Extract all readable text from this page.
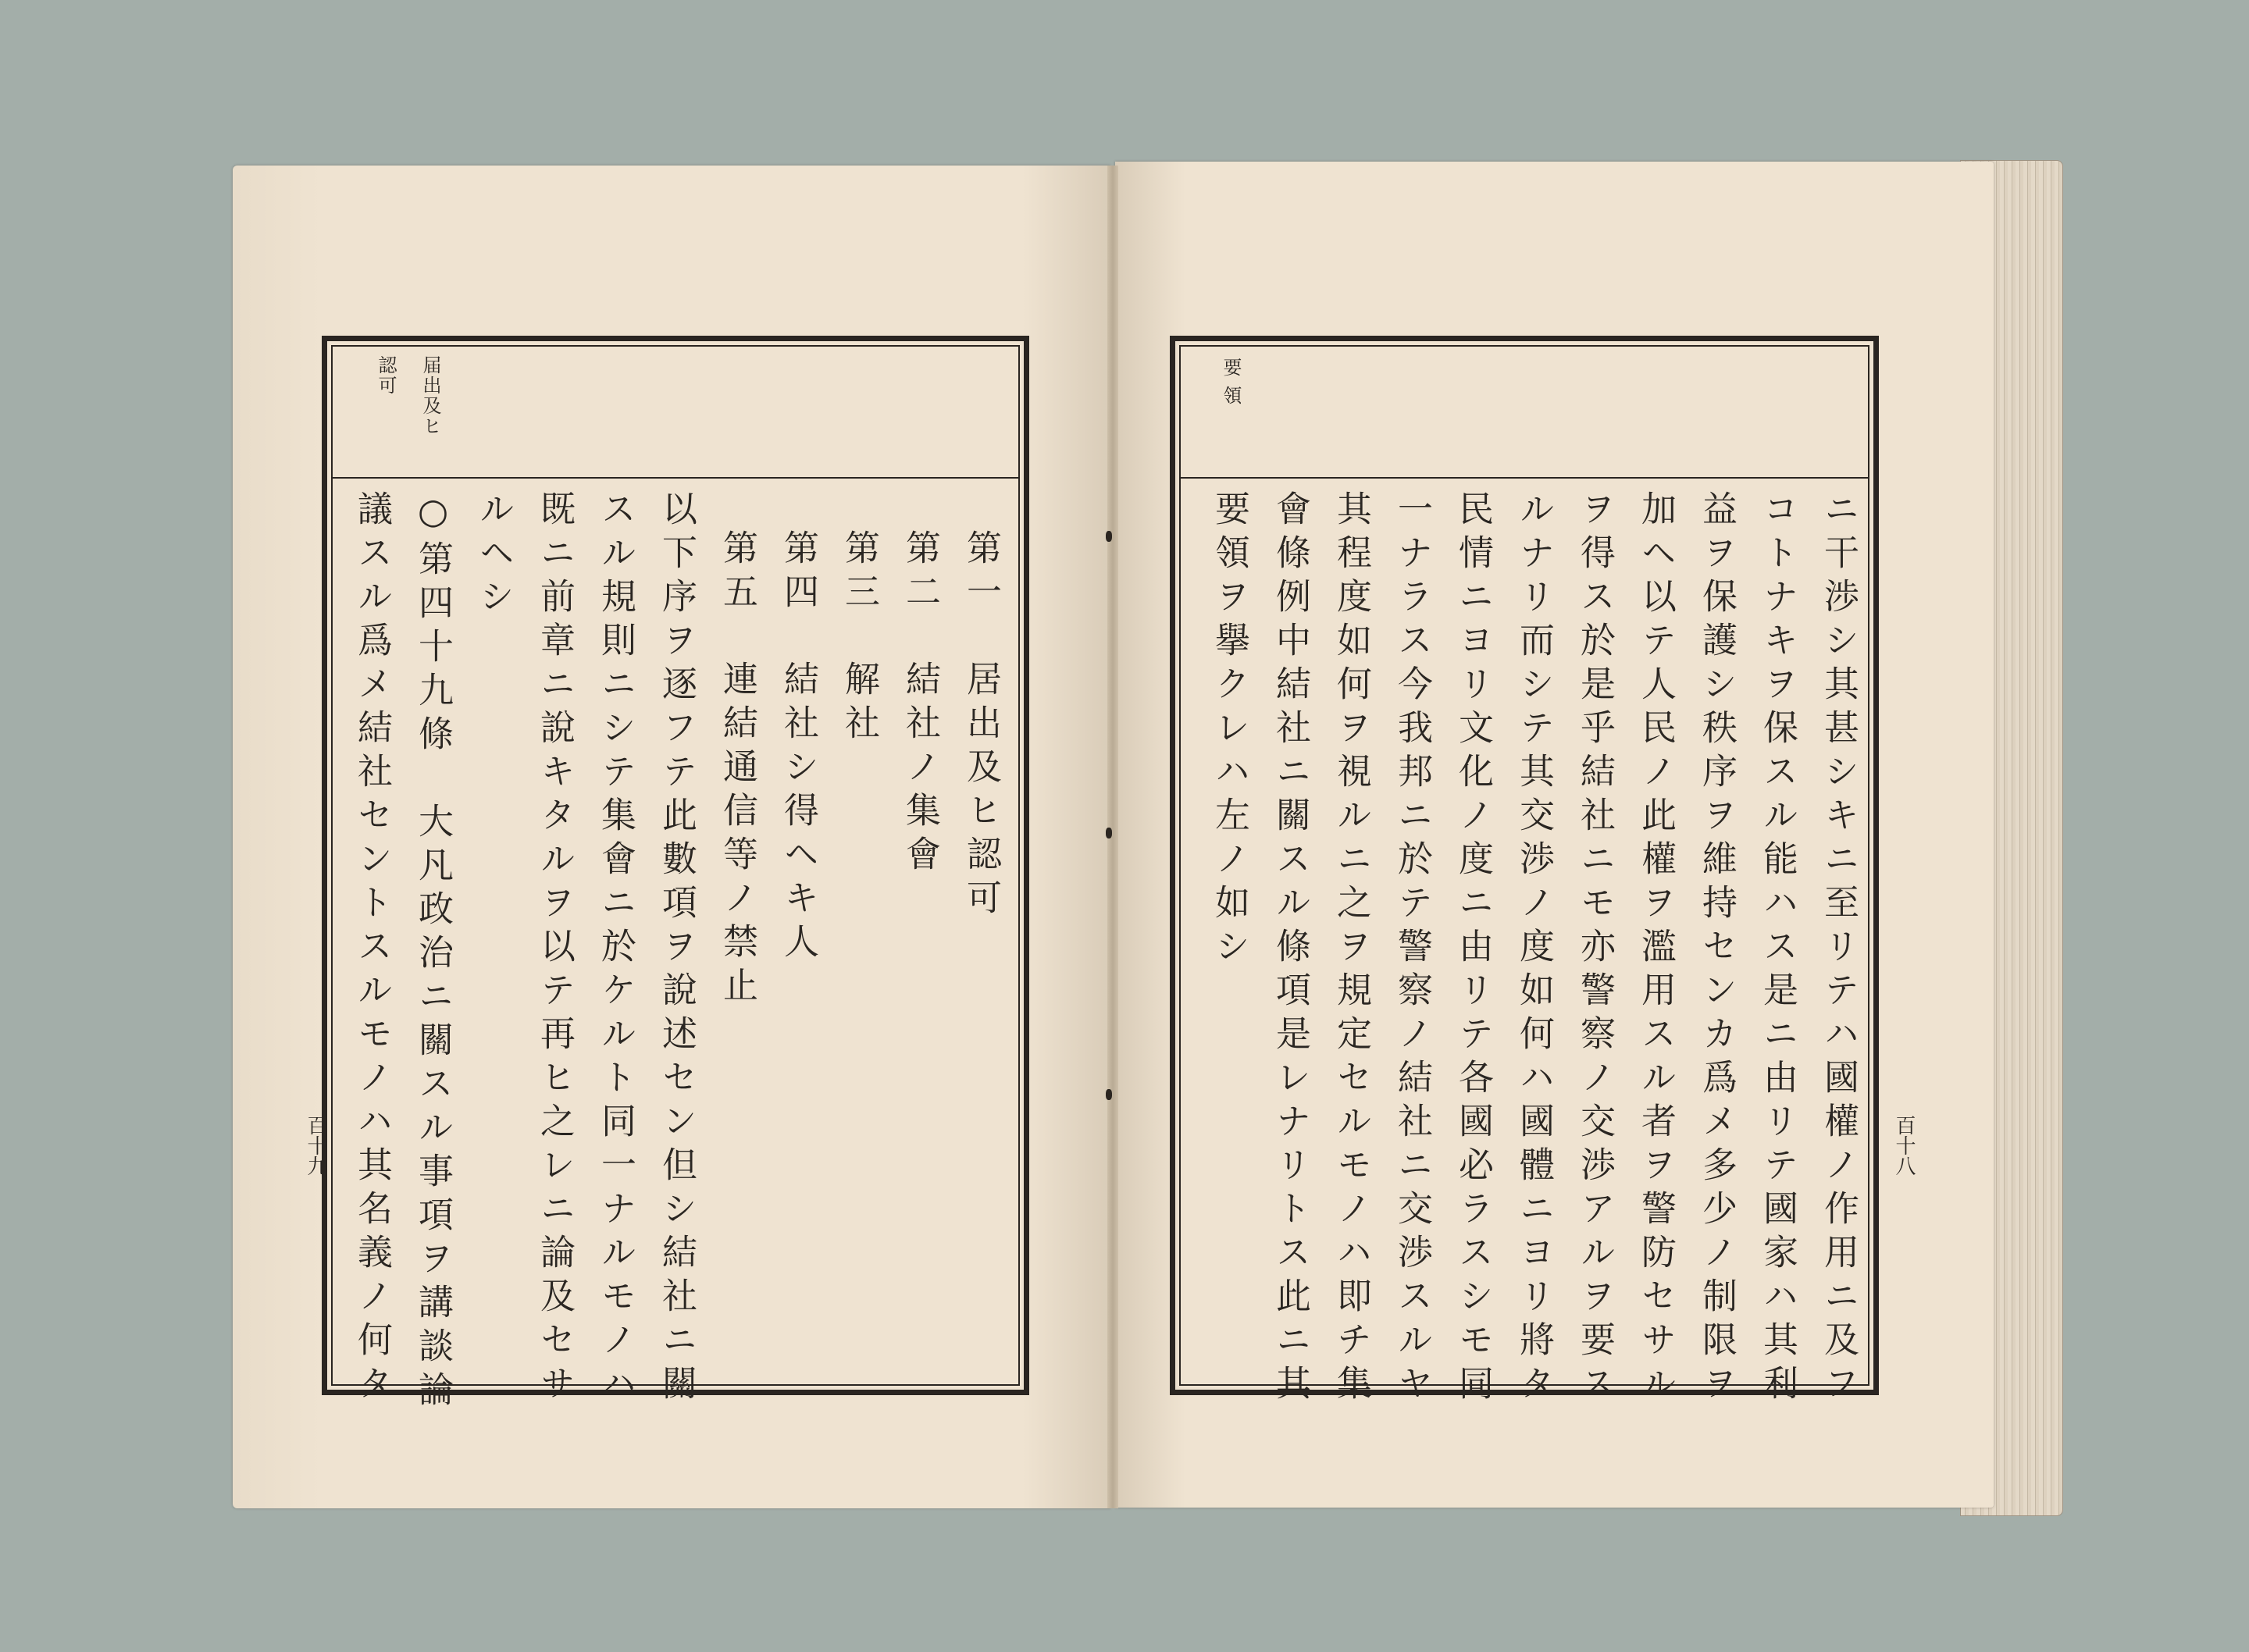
届出及ヒ
認可
第一　居出及ヒ認可
第二　結社ノ集會
第三　解社
第四　結社シ得ヘキ人
第五　連結通信等ノ禁止
以下序ヲ逐フテ此數項ヲ說述セン但シ結社ニ關
スル規則ニシテ集會ニ於ケルト同一ナルモノハ
既ニ前章ニ說キタルヲ以テ再ヒ之レニ論及セサ
ルヘシ
○第四十九條　大凡政治ニ關スル事項ヲ講談論
議スル爲メ結社セントスルモノハ其名義ノ何タ
百十九
要領
ニ干渉シ其甚シキニ至リテハ國權ノ作用ニ及フ
コトナキヲ保スル能ハス是ニ由リテ國家ハ其利
益ヲ保護シ秩序ヲ維持センカ爲メ多少ノ制限ヲ
加ヘ以テ人民ノ此權ヲ濫用スル者ヲ警防セサル
ヲ得ス於是乎結社ニモ亦警察ノ交渉アルヲ要ス
ルナリ而シテ其交渉ノ度如何ハ國體ニヨリ將タ
民情ニヨリ文化ノ度ニ由リテ各國必ラスシモ同
一ナラス今我邦ニ於テ警察ノ結社ニ交渉スルヤ
其程度如何ヲ視ルニ之ヲ規定セルモノハ即チ集
會條例中結社ニ關スル條項是レナリトス此ニ其
要領ヲ擧クレハ左ノ如シ
百十八
